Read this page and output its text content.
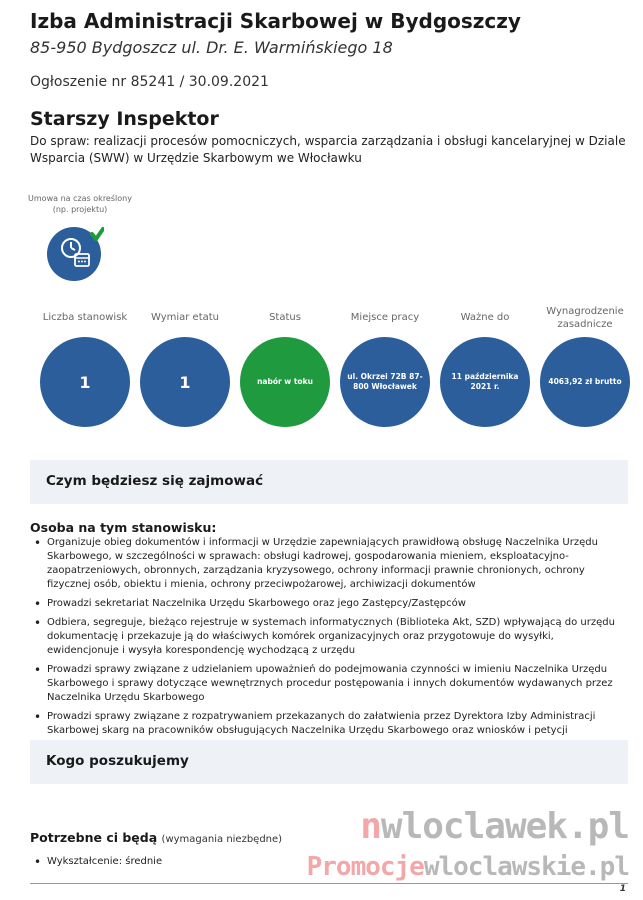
Izba Administracji Skarbowej w Bydgoszczy
85-950 Bydgoszcz ul. Dr. E. Warmińskiego 18
Ogłoszenie nr 85241 / 30.09.2021
Starszy Inspektor
Do spraw: realizacji procesów pomocniczych, wsparcia zarządzania i obsługi kancelaryjnej w Dziale Wsparcia (SWW) w Urzędzie Skarbowym we Włocławku
Umowa na czas określony (np. projektu)
Liczba stanowisk
1
Wymiar etatu
1
Status
nabór w toku
Miejsce pracy
ul. Okrzei 72B 87-800 Włocławek
Ważne do
11 października 2021 r.
Wynagrodzenie zasadnicze
4063,92 zł brutto
Czym będziesz się zajmować
Osoba na tym stanowisku:
• Organizuje obieg dokumentów i informacji w Urzędzie zapewniających prawidłową obsługę Naczelnika Urzędu Skarbowego, w szczególności w sprawach: obsługi kadrowej, gospodarowania mieniem, eksploatacyjno-zaopatrzeniowych, obronnych, zarządzania kryzysowego, ochrony informacji prawnie chronionych, ochrony fizycznej osób, obiektu i mienia, ochrony przeciwpożarowej, archiwizacji dokumentów
• Prowadzi sekretariat Naczelnika Urzędu Skarbowego oraz jego Zastępcy/Zastępców
• Odbiera, segreguje, bieżąco rejestruje w systemach informatycznych (Biblioteka Akt, SZD) wpływającą do urzędu dokumentację i przekazuje ją do właściwych komórek organizacyjnych oraz przygotowuje do wysyłki, ewidencjonuje i wysyła korespondencję wychodzącą z urzędu
• Prowadzi sprawy związane z udzielaniem upoważnień do podejmowania czynności w imieniu Naczelnika Urzędu Skarbowego i sprawy dotyczące wewnętrznych procedur postępowania i innych dokumentów wydawanych przez Naczelnika Urzędu Skarbowego
• Prowadzi sprawy związane z rozpatrywaniem przekazanych do załatwienia przez Dyrektora Izby Administracji Skarbowej skarg na pracowników obsługujących Naczelnika Urzędu Skarbowego oraz wniosków i petycji
•
Kogo poszukujemy
Potrzebne ci będą (wymagania niezbędne)
• Wykształcenie: średnie
nwloclawek.pl
Promocjewloclawskie.pl
1
